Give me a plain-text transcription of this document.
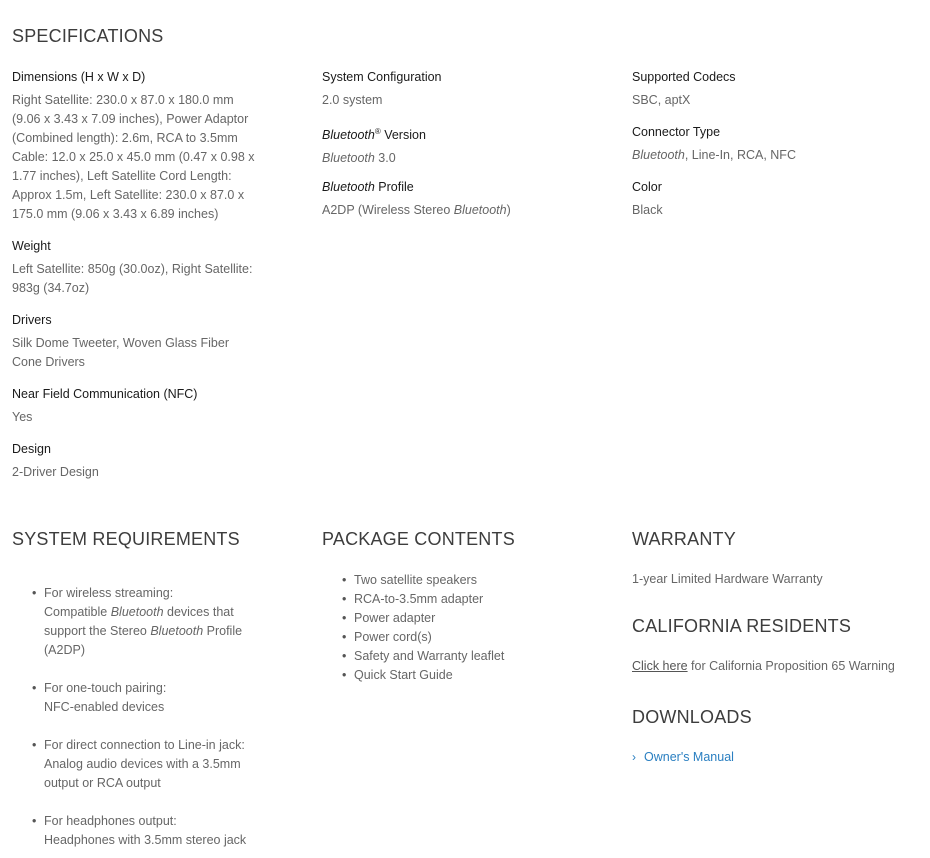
SPECIFICATIONS
Dimensions (H x W x D)
Right Satellite: 230.0 x 87.0 x 180.0 mm (9.06 x 3.43 x 7.09 inches), Power Adaptor (Combined length): 2.6m, RCA to 3.5mm Cable: 12.0 x 25.0 x 45.0 mm (0.47 x 0.98 x 1.77 inches), Left Satellite Cord Length: Approx 1.5m, Left Satellite: 230.0 x 87.0 x 175.0 mm (9.06 x 3.43 x 6.89 inches)
Weight
Left Satellite: 850g (30.0oz), Right Satellite: 983g (34.7oz)
Drivers
Silk Dome Tweeter, Woven Glass Fiber Cone Drivers
Near Field Communication (NFC)
Yes
Design
2-Driver Design
System Configuration
2.0 system
Bluetooth® Version
Bluetooth 3.0
Bluetooth Profile
A2DP (Wireless Stereo Bluetooth)
Supported Codecs
SBC, aptX
Connector Type
Bluetooth, Line-In, RCA, NFC
Color
Black
SYSTEM REQUIREMENTS
• For wireless streaming:
Compatible Bluetooth devices that support the Stereo Bluetooth Profile (A2DP)
• For one-touch pairing:
NFC-enabled devices
• For direct connection to Line-in jack:
Analog audio devices with a 3.5mm output or RCA output
• For headphones output:
Headphones with 3.5mm stereo jack
PACKAGE CONTENTS
• Two satellite speakers
• RCA-to-3.5mm adapter
• Power adapter
• Power cord(s)
• Safety and Warranty leaflet
• Quick Start Guide
WARRANTY
1-year Limited Hardware Warranty
CALIFORNIA RESIDENTS
Click here for California Proposition 65 Warning
DOWNLOADS
› Owner's Manual
